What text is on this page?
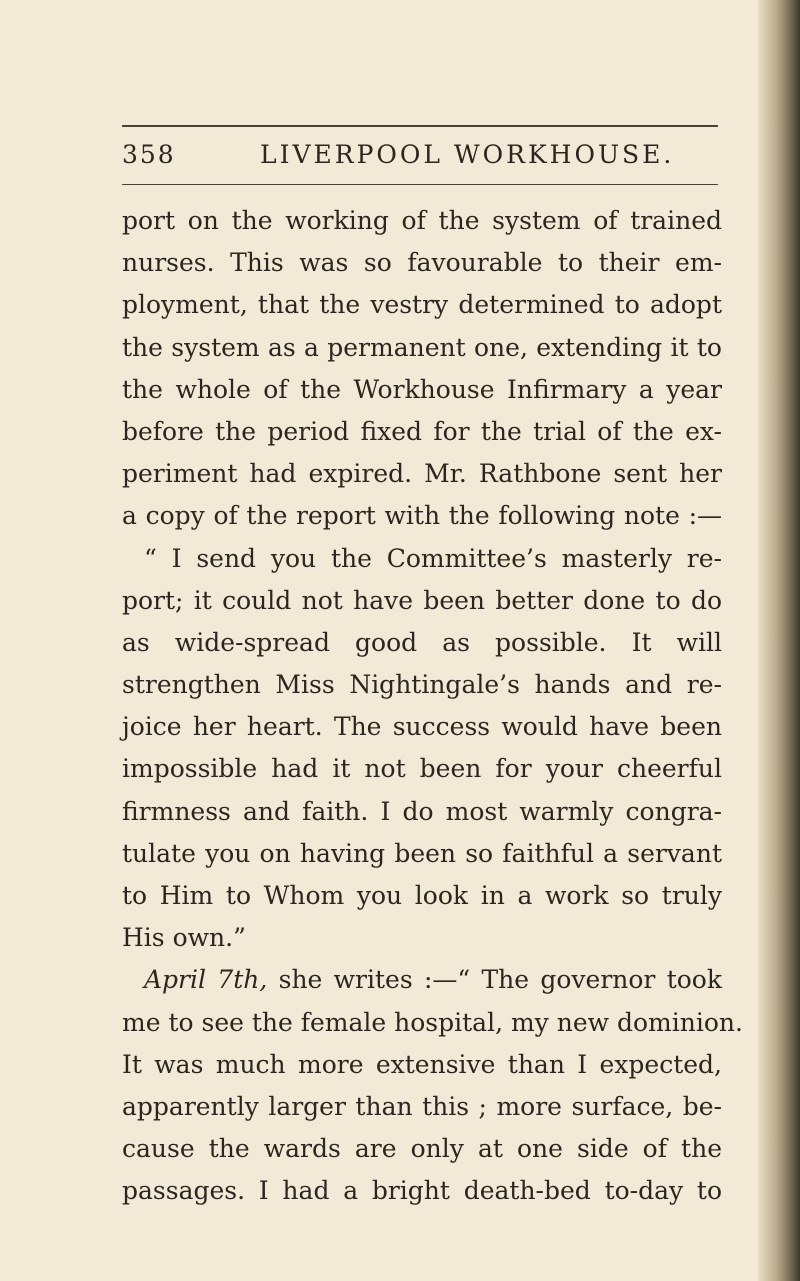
358	LIVERPOOL WORKHOUSE.
port on the working of the system of trained
nurses. This was so favourable to their em-
ployment, that the vestry determined to adopt
the system as a permanent one, extending it to
the whole of the Workhouse Infirmary a year
before the period fixed for the trial of the ex-
periment had expired. Mr. Rathbone sent her
a copy of the report with the following note :—
“ I send you the Committee’s masterly re-
port; it could not have been better done to do
as wide-spread good as possible. It will
strengthen Miss Nightingale’s hands and re-
joice her heart. The success would have been
impossible had it not been for your cheerful
firmness and faith. I do most warmly congra-
tulate you on having been so faithful a servant
to Him to Whom you look in a work so truly
His own.”
April 7th, she writes :—“ The governor took
me to see the female hospital, my new dominion.
It was much more extensive than I expected,
apparently larger than this ; more surface, be-
cause the wards are only at one side of the
passages. I had a bright death-bed to-day to
